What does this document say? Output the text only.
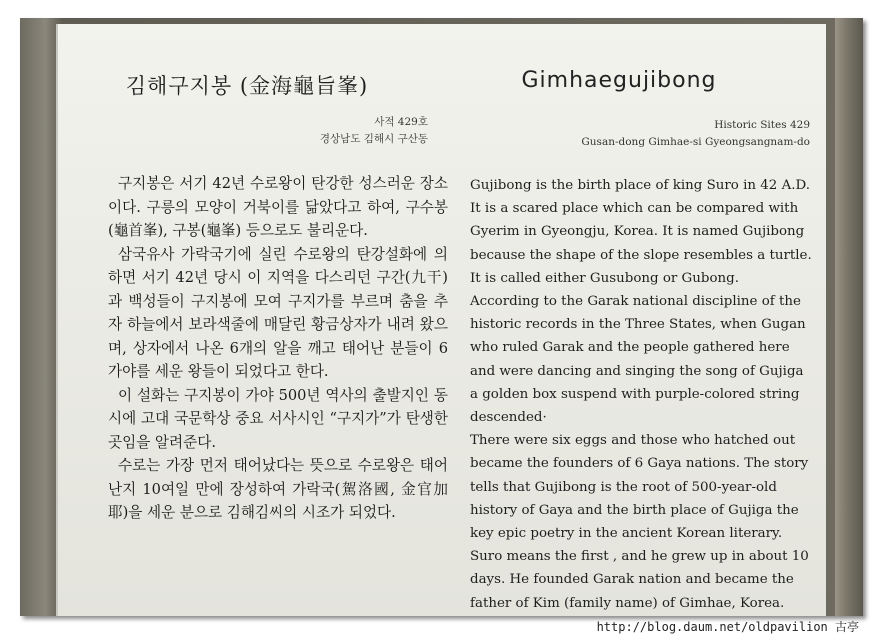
김해구지봉 (金海龜旨峯)
사적 429호
경상남도 김해시 구산동

구지봉은 서기 42년 수로왕이 탄강한 성스러운 장소이다. 구릉의 모양이 거북이를 닮았다고 하여, 구수봉(龜首峯), 구봉(龜峯) 등으로도 불리운다.

삼국유사 가락국기에 실린 수로왕의 탄강설화에 의하면 서기 42년 당시 이 지역을 다스리던 구간(九干)과 백성들이 구지봉에 모여 구지가를 부르며 춤을 추자 하늘에서 보라색줄에 매달린 황금상자가 내려 왔으며, 상자에서 나온 6개의 알을 깨고 태어난 분들이 6가야를 세운 왕들이 되었다고 한다.

이 설화는 구지봉이 가야 500년 역사의 출발지인 동시에 고대 국문학상 중요 서사시인 “구지가”가 탄생한 곳임을 알려준다.

수로는 가장 먼저 태어났다는 뜻으로 수로왕은 태어난지 10여일 만에 장성하여 가락국(駕洛國, 金官加耶)을 세운 분으로 김해김씨의 시조가 되었다.

Gimhaegujibong
Historic Sites 429
Gusan-dong Gimhae-si Gyeongsangnam-do

Gujibong is the birth place of king Suro in 42 A.D. It is a scared place which can be compared with Gyerim in Gyeongju, Korea. It is named Gujibong because the shape of the slope resembles a turtle. It is called either Gusubong or Gubong.

According to the Garak national discipline of the historic records in the Three States, when Gugan who ruled Garak and the people gathered here and were dancing and singing the song of Gujiga a golden box suspend with purple-colored string descended·

There were six eggs and those who hatched out became the founders of 6 Gaya nations. The story tells that Gujibong is the root of 500-year-old history of Gaya and the birth place of Gujiga the key epic poetry in the ancient Korean literary.

Suro means the first , and he grew up in about 10 days. He founded Garak nation and became the father of Kim (family name) of Gimhae, Korea.

http://blog.daum.net/oldpavilion 古亭
